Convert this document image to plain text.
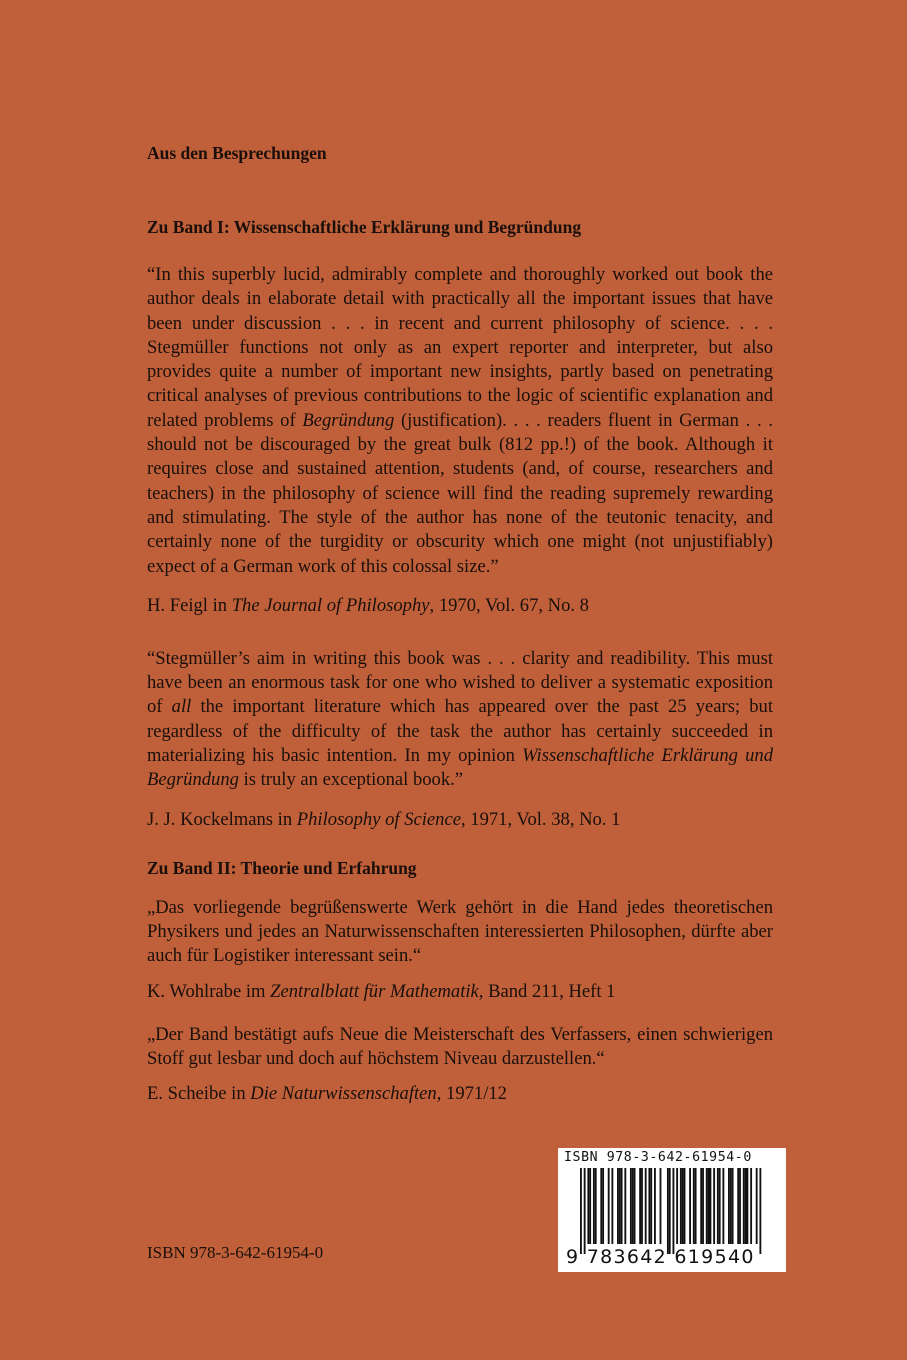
Aus den Besprechungen

Zu Band I: Wissenschaftliche Erklärung und Begründung

“In this superbly lucid, admirably complete and thoroughly worked out book the author deals in elaborate detail with practically all the important issues that have been under discussion . . . in recent and current philosophy of science. . . . Stegmüller functions not only as an expert reporter and interpreter, but also provides quite a number of important new insights, partly based on penetrating critical analyses of previous contributions to the logic of scientific explanation and related problems of Begründung (justification). . . . readers fluent in German . . . should not be discouraged by the great bulk (812 pp.!) of the book. Although it requires close and sustained attention, students (and, of course, researchers and teachers) in the philosophy of science will find the reading supremely rewarding and stimulating. The style of the author has none of the teutonic tenacity, and certainly none of the turgidity or obscurity which one might (not unjustifiably) expect of a German work of this colossal size.”

H. Feigl in The Journal of Philosophy, 1970, Vol. 67, No. 8

“Stegmüller’s aim in writing this book was . . . clarity and readibility. This must have been an enormous task for one who wished to deliver a systematic exposition of all the important literature which has appeared over the past 25 years; but regardless of the difficulty of the task the author has certainly succeeded in materializing his basic intention. In my opinion Wissenschaftliche Erklärung und Begründung is truly an exceptional book.”

J. J. Kockelmans in Philosophy of Science, 1971, Vol. 38, No. 1

Zu Band II: Theorie und Erfahrung

„Das vorliegende begrüßenswerte Werk gehört in die Hand jedes theoretischen Physikers und jedes an Naturwissenschaften interessierten Philosophen, dürfte aber auch für Logistiker interessant sein.“

K. Wohlrabe im Zentralblatt für Mathematik, Band 211, Heft 1

„Der Band bestätigt aufs Neue die Meisterschaft des Verfassers, einen schwierigen Stoff gut lesbar und doch auf höchstem Niveau darzustellen.“

E. Scheibe in Die Naturwissenschaften, 1971/12

ISBN 978-3-642-61954-0
9 783642 619540
ISBN 978-3-642-61954-0
